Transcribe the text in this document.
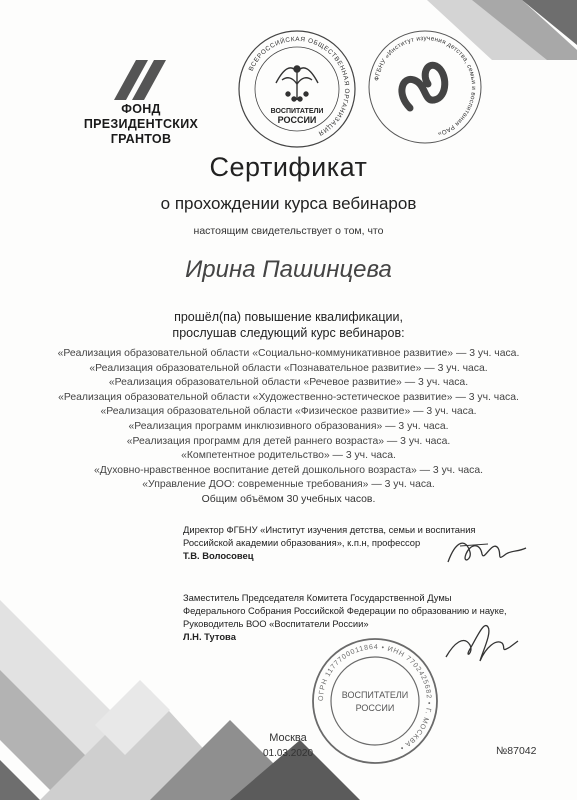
ФОНД
ПРЕЗИДЕНТСКИХ
ГРАНТОВ
ВСЕРОССИЙСКАЯ ОБЩЕСТВЕННАЯ ОРГАНИЗАЦИЯ
ВОСПИТАТЕЛИ
РОССИИ
ФГБНУ «Институт изучения детства, семьи и воспитания РАО»
Сертификат
о прохождении курса вебинаров
настоящим свидетельствует о том, что
Ирина Пашинцева
прошёл(па) повышение квалификации,
прослушав следующий курс вебинаров:
«Реализация образовательной области «Социально-коммуникативное развитие» — 3 уч. часа.
«Реализация образовательной области «Познавательное развитие» — 3 уч. часа.
«Реализация образовательной области «Речевое развитие» — 3 уч. часа.
«Реализация образовательной области «Художественно-эстетическое развитие» — 3 уч. часа.
«Реализация образовательной области «Физическое развитие» — 3 уч. часа.
«Реализация программ инклюзивного образования» — 3 уч. часа.
«Реализация программ для детей раннего возраста» — 3 уч. часа.
«Компетентное родительство» — 3 уч. часа.
«Духовно-нравственное воспитание детей дошкольного возраста» — 3 уч. часа.
«Управление ДОО: современные требования» — 3 уч. часа.
Общим объёмом 30 учебных часов.
Директор ФГБНУ «Институт изучения детства, семьи и воспитания
Российской академии образования», к.п.н, профессор
Т.В. Волосовец
Заместитель Председателя Комитета Государственной Думы
Федерального Собрания Российской Федерации по образованию и науке,
Руководитель ВОО «Воспитатели России»
Л.Н. Тутова
ОГРН 1177700011864 • ИНН 7702425682 • Г. МОСКВА •
ВОСПИТАТЕЛИ
РОССИИ
Москва
01.03.2020	№87042
